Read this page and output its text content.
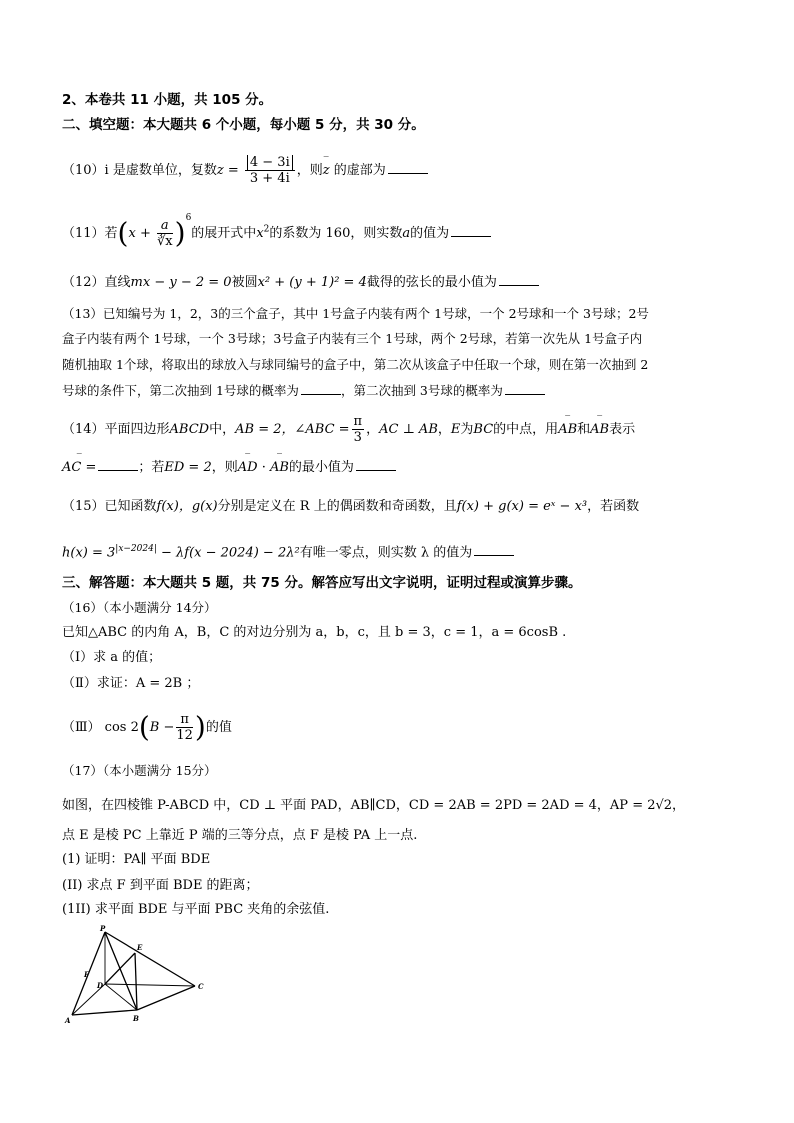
2、本卷共 11 小题，共 105 分。
二、填空题：本大题共 6 个小题，每小题 5 分，共 30 分。
（10）i 是虚数单位，复数$z = \frac{4 - 3i}{3 + 4i}$ ，则‾ z 的虚部为
（11）若$(x + \frac{a}{∛x} )^6$的展开式中$x^2$的系数为 160，则实数a的值为
（12）直线mx − y − 2 = 0被圆x² + (y + 1)² = 4截得的弦长的最小值为
（13）已知编号为 1，2，3的三个盒子，其中 1号盒子内装有两个 1号球，一个 2号球和一个 3号球；2号
盒子内装有两个 1号球，一个 3号球；3号盒子内装有三个 1号球，两个 2号球，若第一次先从 1号盒子内
随机抽取 1个球，将取出的球放入与球同编号的盒子中，第二次从该盒子中任取一个球，则在第一次抽到 2
号球的条件下，第二次抽到 1号球的概率为	，第二次抽到 3号球的概率为
（14）平面四边形ABCD中，AB = 2，∠ABC = $\frac{\pi}{3}$ ，AC ⊥ AB，E为BC的中点，用‾ AB和‾ AB表示
‾ AC =	；若ED = 2，则‾ AD · ‾ AB的最小值为
（15）已知函数f(x)，g(x)分别是定义在 R 上的偶函数和奇函数，且f(x) + g(x) = eˣ − x³，若函数
$h(x) = 3^{|x-2024|} - \lambda f(x - 2024) - 2\lambda^2$有唯一零点，则实数 λ 的值为
三、解答题：本大题共 5 题，共 75 分。解答应写出文字说明，证明过程或演算步骤。
（16）（本小题满分 14分）
已知△ABC 的内角 A，B，C 的对边分别为 a，b，c，且 b = 3，c = 1，a = 6cosB .
（Ⅰ）求 a 的值；
（Ⅱ）求证：A = 2B ；
（Ⅲ） $\cos 2(B - \frac{\pi}{12}$ )的值
（17）（本小题满分 15分）
如图，在四棱锥 P-ABCD 中，CD ⊥ 平面 PAD，AB∥CD，CD = 2AB = 2PD = 2AD = 4，AP = 2√2，
点 E 是棱 PC 上靠近 P 端的三等分点，点 F 是棱 PA 上一点.
(1) 证明：PA∥ 平面 BDE
(II) 求点 F 到平面 BDE 的距离；
(1II) 求平面 BDE 与平面 PBC 夹角的余弦值.
P
E
F
D	C
A	B
